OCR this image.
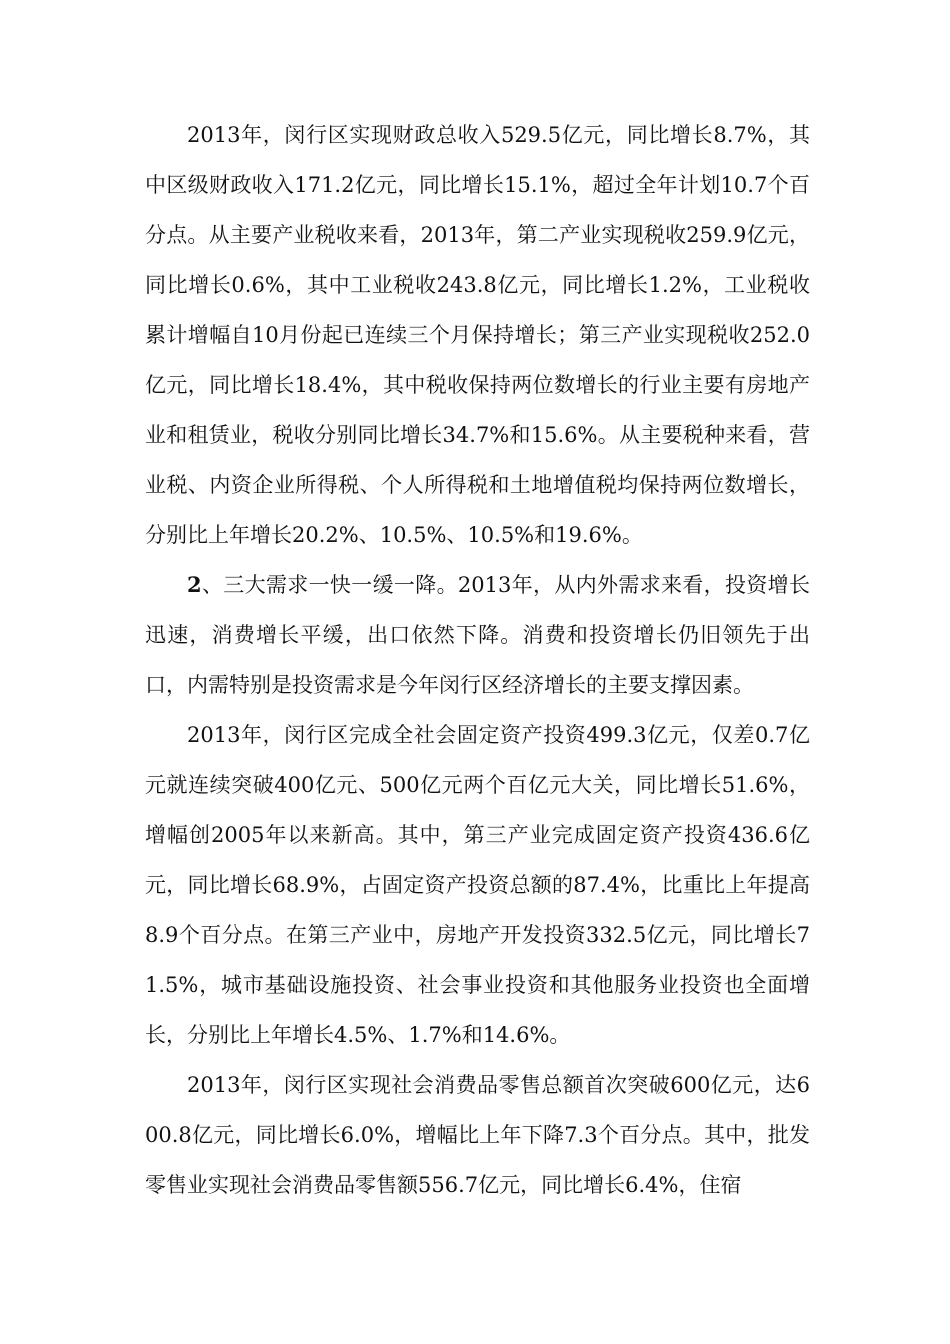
2013年，闵行区实现财政总收入529.5亿元，同比增长8.7%，其中区级财政收入171.2亿元，同比增长15.1%，超过全年计划10.7个百分点。从主要产业税收来看，2013年，第二产业实现税收259.9亿元，同比增长0.6%，其中工业税收243.8亿元，同比增长1.2%，工业税收累计增幅自10月份起已连续三个月保持增长；第三产业实现税收252.0亿元，同比增长18.4%，其中税收保持两位数增长的行业主要有房地产业和租赁业，税收分别同比增长34.7%和15.6%。从主要税种来看，营业税、内资企业所得税、个人所得税和土地增值税均保持两位数增长，分别比上年增长20.2%、10.5%、10.5%和19.6%。

2、三大需求一快一缓一降。2013年，从内外需求来看，投资增长迅速，消费增长平缓，出口依然下降。消费和投资增长仍旧领先于出口，内需特别是投资需求是今年闵行区经济增长的主要支撑因素。

2013年，闵行区完成全社会固定资产投资499.3亿元，仅差0.7亿元就连续突破400亿元、500亿元两个百亿元大关，同比增长51.6%，增幅创2005年以来新高。其中，第三产业完成固定资产投资436.6亿元，同比增长68.9%，占固定资产投资总额的87.4%，比重比上年提高8.9个百分点。在第三产业中，房地产开发投资332.5亿元，同比增长71.5%，城市基础设施投资、社会事业投资和其他服务业投资也全面增长，分别比上年增长4.5%、1.7%和14.6%。

2013年，闵行区实现社会消费品零售总额首次突破600亿元，达600.8亿元，同比增长6.0%，增幅比上年下降7.3个百分点。其中，批发零售业实现社会消费品零售额556.7亿元，同比增长6.4%，住宿
